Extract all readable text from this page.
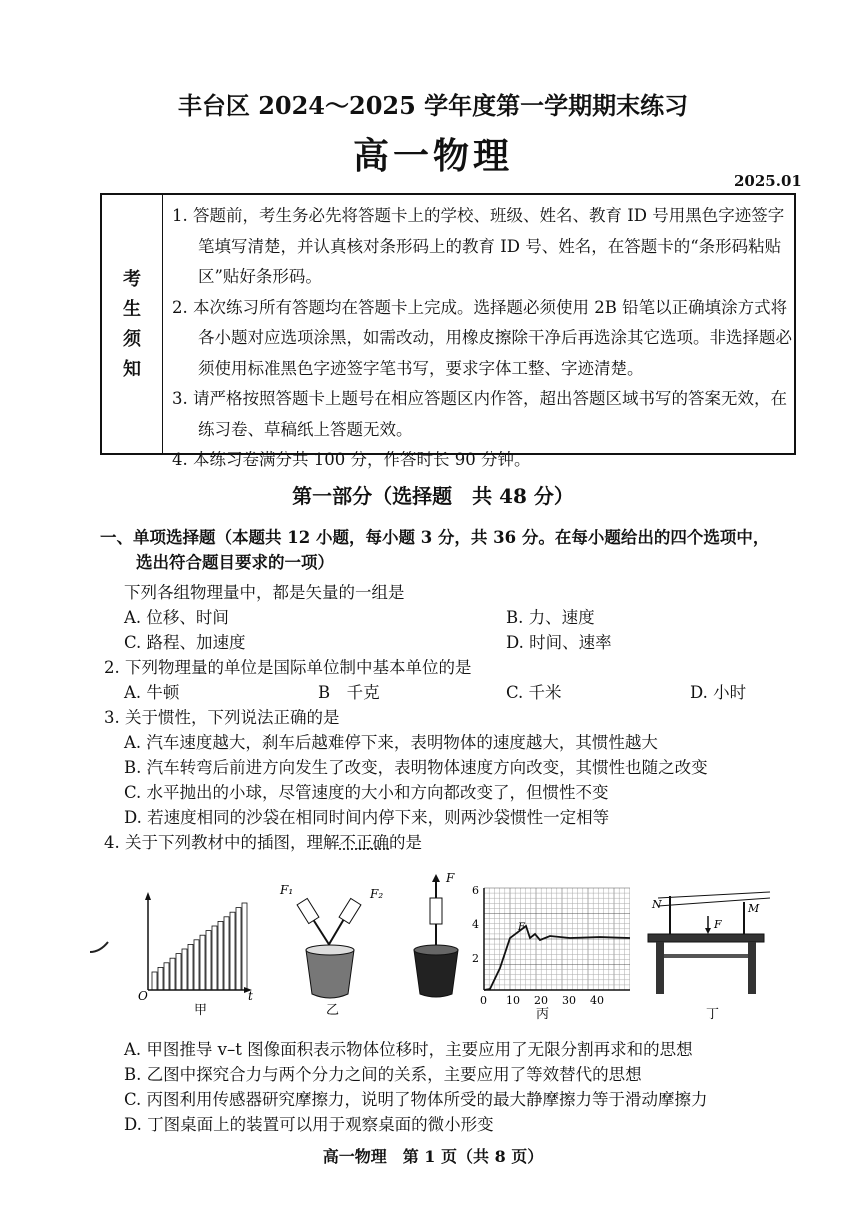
丰台区 2024～2025 学年度第一学期期末练习
高一物理
2025.01
考
生
须
知

1. 答题前，考生务必先将答题卡上的学校、班级、姓名、教育 ID 号用黑色字迹签字笔填写清楚，并认真核对条形码上的教育 ID 号、姓名，在答题卡的“条形码粘贴区”贴好条形码。

2. 本次练习所有答题均在答题卡上完成。选择题必须使用 2B 铅笔以正确填涂方式将各小题对应选项涂黑，如需改动，用橡皮擦除干净后再选涂其它选项。非选择题必须使用标准黑色字迹签字笔书写，要求字体工整、字迹清楚。

3. 请严格按照答题卡上题号在相应答题区内作答，超出答题区域书写的答案无效，在练习卷、草稿纸上答题无效。

4. 本练习卷满分共 100 分，作答时长 90 分钟。

第一部分（选择题　共 48 分）
一、单项选择题（本题共 12 小题，每小题 3 分，共 36 分。在每小题给出的四个选项中，
选出符合题目要求的一项）
下列各组物理量中，都是矢量的一组是
A. 位移、时间	B. 力、速度
C. 路程、加速度	D. 时间、速率
2. 下列物理量的单位是国际单位制中基本单位的是
A. 牛顿	B　千克	C. 千米	D. 小时
3. 关于惯性，下列说法正确的是
A. 汽车速度越大，刹车后越难停下来，表明物体的速度越大，其惯性越大
B. 汽车转弯后前进方向发生了改变，表明物体速度方向改变，其惯性也随之改变
C. 水平抛出的小球，尽管速度的大小和方向都改变了，但惯性不变
D. 若速度相同的沙袋在相同时间内停下来，则两沙袋惯性一定相等
4. 关于下列教材中的插图，理解不正确的是
O	t
甲
F₁	F₂
乙
F
6
4
2
0 10 20 30 40
F
丙
N	M
F
丁
A. 甲图推导 v–t 图像面积表示物体位移时，主要应用了无限分割再求和的思想
B. 乙图中探究合力与两个分力之间的关系，主要应用了等效替代的思想
C. 丙图利用传感器研究摩擦力，说明了物体所受的最大静摩擦力等于滑动摩擦力
D. 丁图桌面上的装置可以用于观察桌面的微小形变
高一物理　第 1 页（共 8 页）
